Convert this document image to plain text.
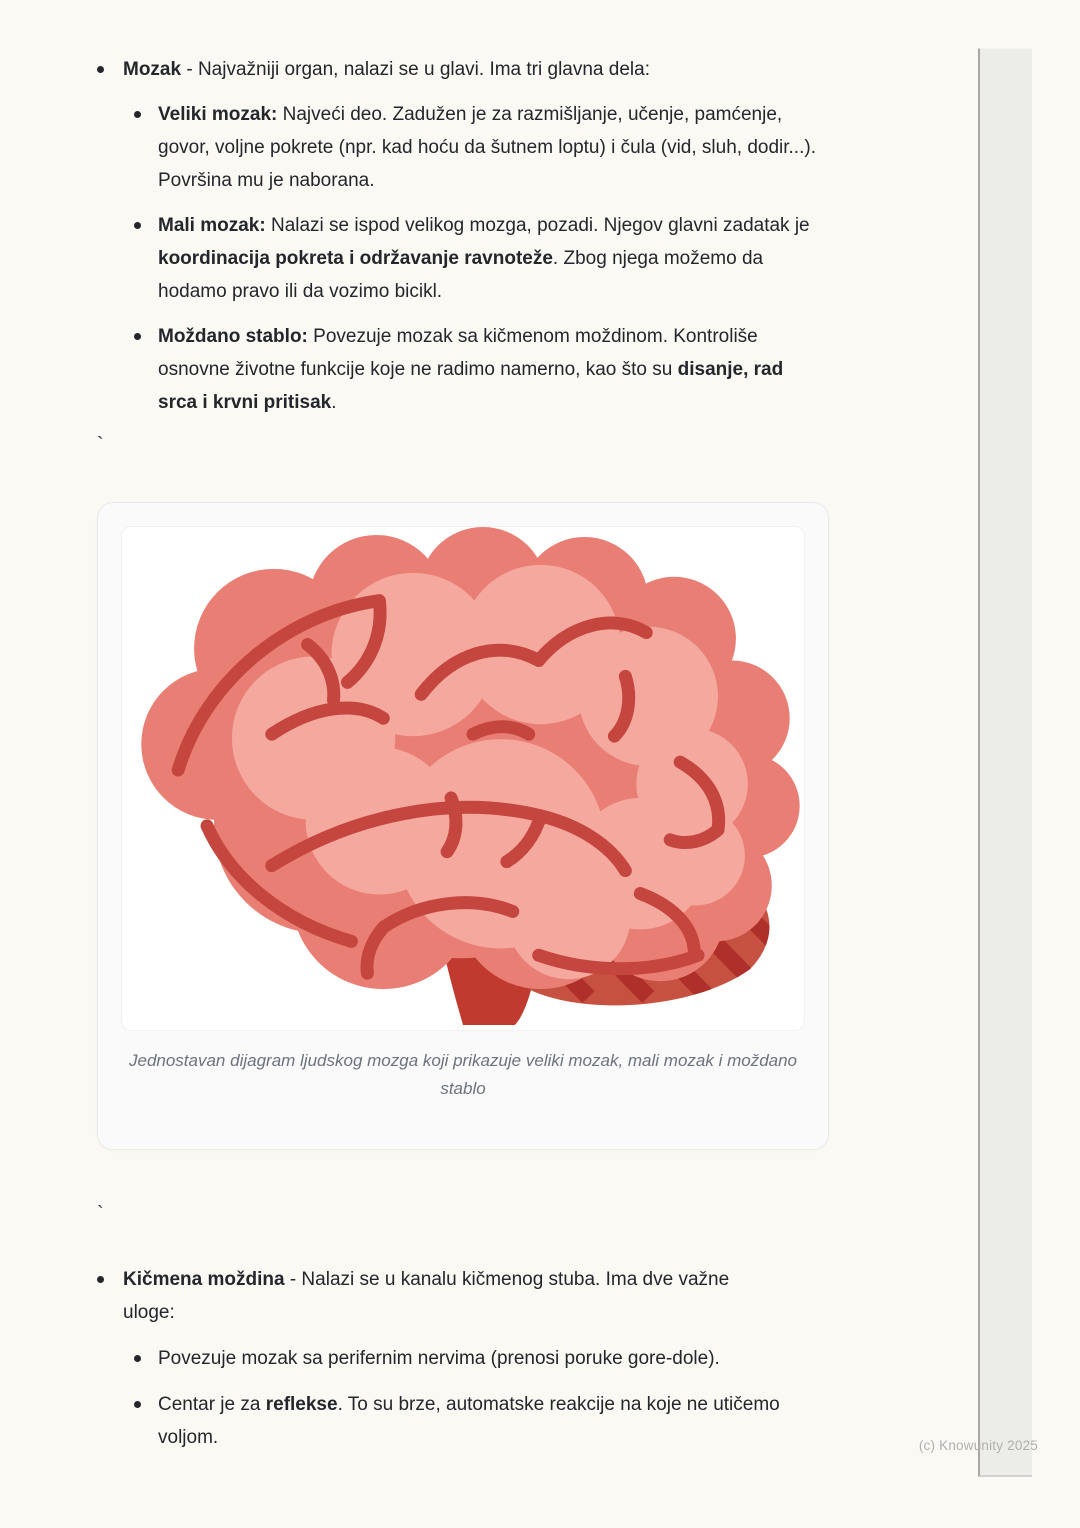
Mozak - Najvažniji organ, nalazi se u glavi. Ima tri glavna dela:
Veliki mozak: Najveći deo. Zadužen je za razmišljanje, učenje, pamćenje, govor, voljne pokrete (npr. kad hoću da šutnem loptu) i čula (vid, sluh, dodir...). Površina mu je naborana.
Mali mozak: Nalazi se ispod velikog mozga, pozadi. Njegov glavni zadatak je koordinacija pokreta i održavanje ravnoteže. Zbog njega možemo da hodamo pravo ili da vozimo bicikl.
Moždano stablo: Povezuje mozak sa kičmenom moždinom. Kontroliše osnovne životne funkcije koje ne radimo namerno, kao što su disanje, rad srca i krvni pritisak.
`
Jednostavan dijagram ljudskog mozga koji prikazuje veliki mozak, mali mozak i moždano stablo
`
Kičmena moždina - Nalazi se u kanalu kičmenog stuba. Ima dve važne uloge:
Povezuje mozak sa perifernim nervima (prenosi poruke gore-dole).
Centar je za reflekse. To su brze, automatske reakcije na koje ne utičemo voljom.	(c) Knowunity 2025
